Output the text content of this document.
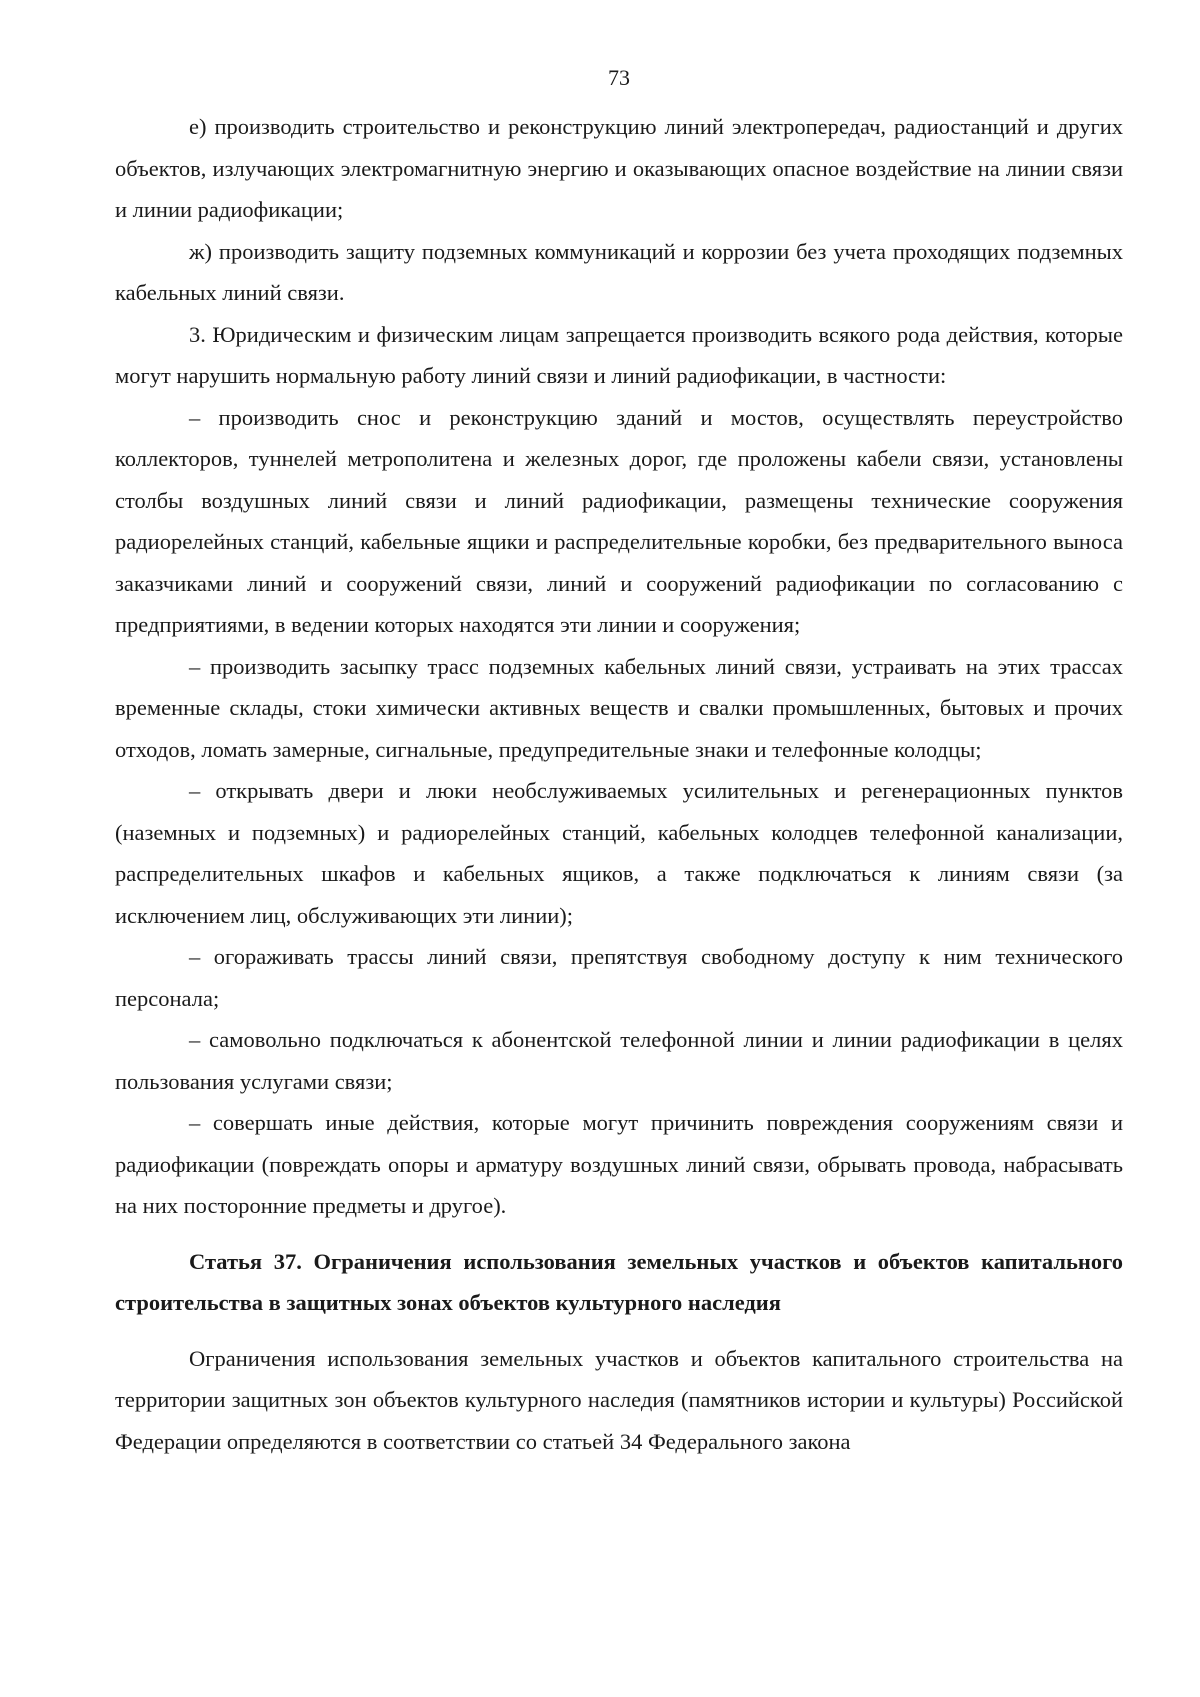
73

е) производить строительство и реконструкцию линий электропередач, радиостанций и других объектов, излучающих электромагнитную энергию и оказывающих опасное воздействие на линии связи и линии радиофикации;

ж) производить защиту подземных коммуникаций и коррозии без учета проходящих подземных кабельных линий связи.

3. Юридическим и физическим лицам запрещается производить всякого рода действия, которые могут нарушить нормальную работу линий связи и линий радиофикации, в частности:

– производить снос и реконструкцию зданий и мостов, осуществлять переустройство коллекторов, туннелей метрополитена и железных дорог, где проложены кабели связи, установлены столбы воздушных линий связи и линий радиофикации, размещены технические сооружения радиорелейных станций, кабельные ящики и распределительные коробки, без предварительного выноса заказчиками линий и сооружений связи, линий и сооружений радиофикации по согласованию с предприятиями, в ведении которых находятся эти линии и сооружения;

– производить засыпку трасс подземных кабельных линий связи, устраивать на этих трассах временные склады, стоки химически активных веществ и свалки промышленных, бытовых и прочих отходов, ломать замерные, сигнальные, предупредительные знаки и телефонные колодцы;

– открывать двери и люки необслуживаемых усилительных и регенерационных пунктов (наземных и подземных) и радиорелейных станций, кабельных колодцев телефонной канализации, распределительных шкафов и кабельных ящиков, а также подключаться к линиям связи (за исключением лиц, обслуживающих эти линии);

– огораживать трассы линий связи, препятствуя свободному доступу к ним технического персонала;

– самовольно подключаться к абонентской телефонной линии и линии радиофикации в целях пользования услугами связи;

– совершать иные действия, которые могут причинить повреждения сооружениям связи и радиофикации (повреждать опоры и арматуру воздушных линий связи, обрывать провода, набрасывать на них посторонние предметы и другое).

Статья 37. Ограничения использования земельных участков и объектов капитального строительства в защитных зонах объектов культурного наследия

Ограничения использования земельных участков и объектов капитального строительства на территории защитных зон объектов культурного наследия (памятников истории и культуры) Российской Федерации определяются в соответствии со статьей 34 Федерального закона
